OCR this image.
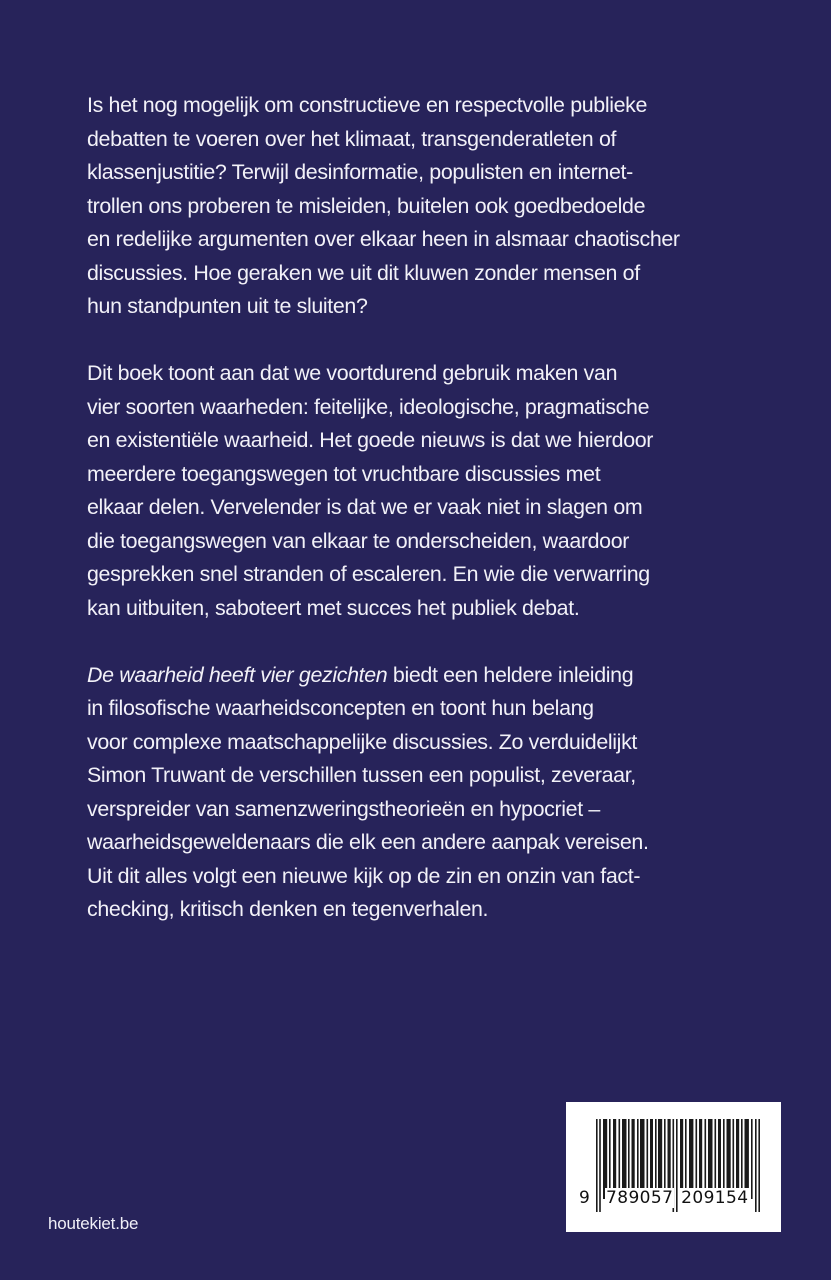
Is het nog mogelijk om constructieve en respectvolle publieke
debatten te voeren over het klimaat, transgenderatleten of
klassenjustitie? Terwijl desinformatie, populisten en internet-
trollen ons proberen te misleiden, buitelen ook goedbedoelde
en redelijke argumenten over elkaar heen in alsmaar chaotischer
discussies. Hoe geraken we uit dit kluwen zonder mensen of
hun standpunten uit te sluiten?

Dit boek toont aan dat we voortdurend gebruik maken van
vier soorten waarheden: feitelijke, ideologische, pragmatische
en existentiële waarheid. Het goede nieuws is dat we hierdoor
meerdere toegangswegen tot vruchtbare discussies met
elkaar delen. Vervelender is dat we er vaak niet in slagen om
die toegangswegen van elkaar te onderscheiden, waardoor
gesprekken snel stranden of escaleren. En wie die verwarring
kan uitbuiten, saboteert met succes het publiek debat.

De waarheid heeft vier gezichten biedt een heldere inleiding
in filosofische waarheidsconcepten en toont hun belang
voor complexe maatschappelijke discussies. Zo verduidelijkt
Simon Truwant de verschillen tussen een populist, zeveraar,
verspreider van samenzweringstheorieën en hypocriet –
waarheidsgeweldenaars die elk een andere aanpak vereisen.
Uit dit alles volgt een nieuwe kijk op de zin en onzin van fact-
checking, kritisch denken en tegenverhalen.

houtekiet.be
9 789057 209154
